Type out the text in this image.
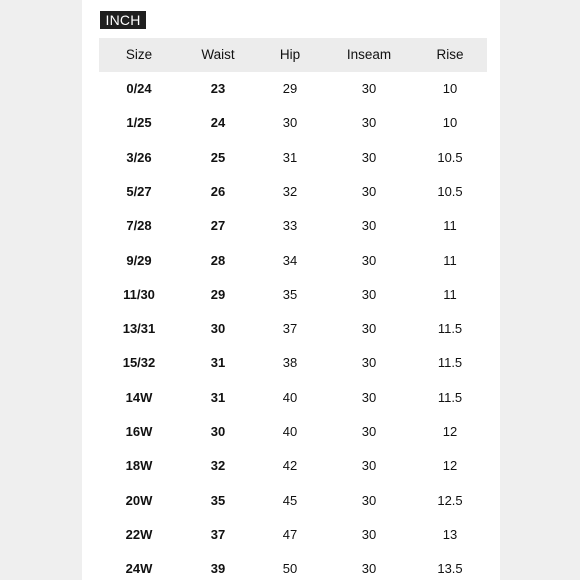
INCH
Size	Waist	Hip	Inseam	Rise
0/24	23	29	30	10
1/25	24	30	30	10
3/26	25	31	30	10.5
5/27	26	32	30	10.5
7/28	27	33	30	11
9/29	28	34	30	11
11/30	29	35	30	11
13/31	30	37	30	11.5
15/32	31	38	30	11.5
14W	31	40	30	11.5
16W	30	40	30	12
18W	32	42	30	12
20W	35	45	30	12.5
22W	37	47	30	13
24W	39	50	30	13.5
